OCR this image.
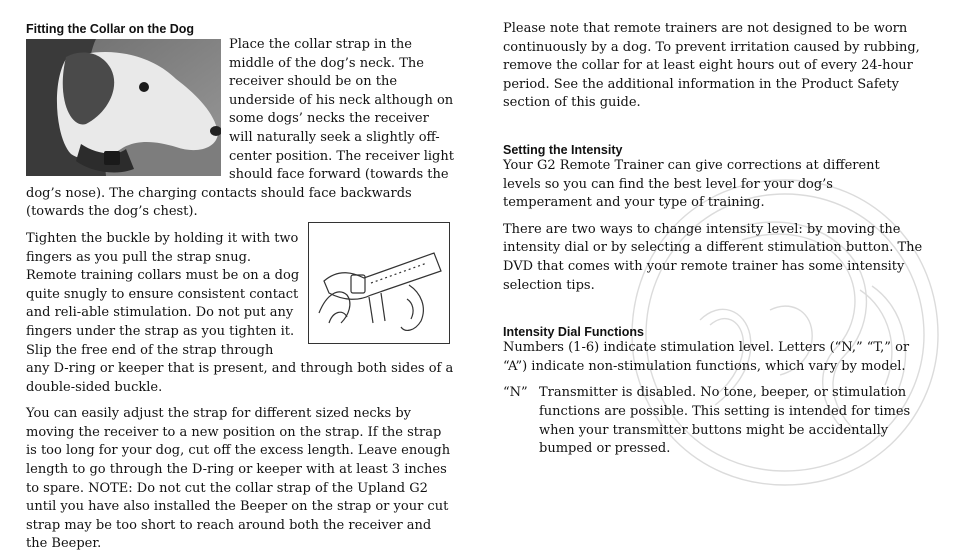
Fitting the Collar on the Dog

Place the collar strap in the middle of the dog’s neck. The receiver should be on the underside of his neck although on some dogs’ necks the receiver will naturally seek a slightly off-center position. The receiver light should face forward (towards the dog’s nose). The charging contacts should face backwards (towards the dog’s chest).

Tighten the buckle by holding it with two fingers as you pull the strap snug. Remote training collars must be on a dog quite snugly to ensure consistent contact and reli-able stimulation. Do not put any fingers under the strap as you tighten it. Slip the free end of the strap through any D-ring or keeper that is present, and through both sides of a double-sided buckle.

You can easily adjust the strap for different sized necks by moving the receiver to a new position on the strap. If the strap is too long for your dog, cut off the excess length. Leave enough length to go through the D-ring or keeper with at least 3 inches to spare. NOTE: Do not cut the collar strap of the Upland G2 until you have also installed the Beeper on the strap or your cut strap may be too short to reach around both the receiver and the Beeper.

Please note that remote trainers are not designed to be worn continuously by a dog. To prevent irritation caused by rubbing, remove the collar for at least eight hours out of every 24-hour period. See the additional information in the Product Safety section of this guide.

Setting the Intensity

Your G2 Remote Trainer can give corrections at different levels so you can find the best level for your dog’s temperament and your type of training.

There are two ways to change intensity level: by moving the intensity dial or by selecting a different stimulation button. The DVD that comes with your remote trainer has some intensity selection tips.

Intensity Dial Functions

Numbers (1-6) indicate stimulation level. Letters (“N,” “T,” or “A”) indicate non-stimulation functions, which vary by model.

“N” Transmitter is disabled. No tone, beeper, or stimulation functions are possible. This setting is intended for times when your transmitter buttons might be accidentally bumped or pressed.
